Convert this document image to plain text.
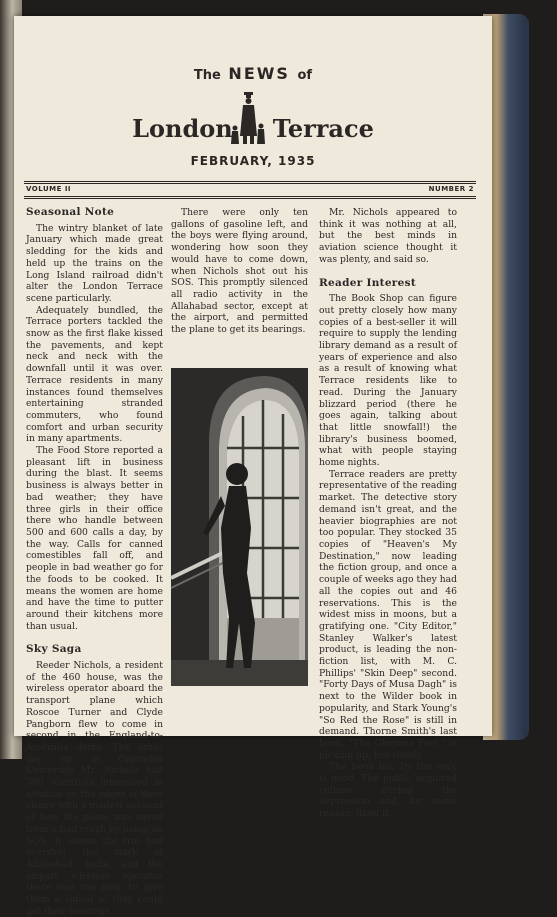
The NEWS of
London Terrace
FEBRUARY, 1935
VOLUME II	NUMBER 2
Seasonal Note

The wintry blanket of late January which made great sledding for the kids and held up the trains on the Long Island railroad didn't alter the London Terrace scene particularly.

Adequately bundled, the Terrace porters tackled the snow as the first flake kissed the pavements, and kept neck and neck with the downfall until it was over. Terrace residents in many instances found themselves entertaining stranded commuters, who found comfort and urban security in many apartments.

The Food Store reported a pleasant lift in business during the blast. It seems business is always better in bad weather; they have three girls in their office there who handle between 500 and 600 calls a day, by the way. Calls for canned comestibles fall off, and people in bad weather go for the foods to be cooked. It means the women are home and have the time to putter around their kitchens more than usual.

Sky Saga

Reeder Nichols, a resident of the 460 house, was the wireless operator aboard the transport plane which Roscoe Turner and Clyde Pangborn flew to come in second in the England-to-Australia derby. The other day up at Columbia University Mr. Nichols had 300 scientists interested in aviation on the edges of their chairs with a modest account of how the plane was saved from a bad crash by using an SOS. It seems the trio had overshot the mark at Allahabad, India, and the airport wireless operator there was too busy to give them a signal so they could get their bearings.

There were only ten gallons of gasoline left, and the boys were flying around, wondering how soon they would have to come down, when Nichols shot out his SOS. This promptly silenced all radio activity in the Allahabad sector, except at the airport, and permitted the plane to get its bearings.

Mr. Nichols appeared to think it was nothing at all, but the best minds in aviation science thought it was plenty, and said so.

Reader Interest

The Book Shop can figure out pretty closely how many copies of a best-seller it will require to supply the lending library demand as a result of years of experience and also as a result of knowing what Terrace residents like to read. During the January blizzard period (there he goes again, talking about that little snowfall!) the library's business boomed, what with people staying home nights.

Terrace readers are pretty representative of the reading market. The detective story demand isn't great, and the heavier biographies are not too popular. They stocked 35 copies of "Heaven's My Destination," now leading the fiction group, and once a couple of weeks ago they had all the copies out and 46 reservations. This is the widest miss in moons, but a gratifying one. "City Editor," Stanley Walker's latest product, is leading the non-fiction list, with M. C. Phillips' "Skin Deep" second. "Forty Days of Musa Dagh" is next to the Wilder book in popularity, and Stark Young's "So Red the Rose" is still in demand. Thorne Smith's last book, "The Glorious Fool," is picking up, but slowly.

The book biz, by the way, is good. The public acquired culture during the depression and, for some reason, liked it.
